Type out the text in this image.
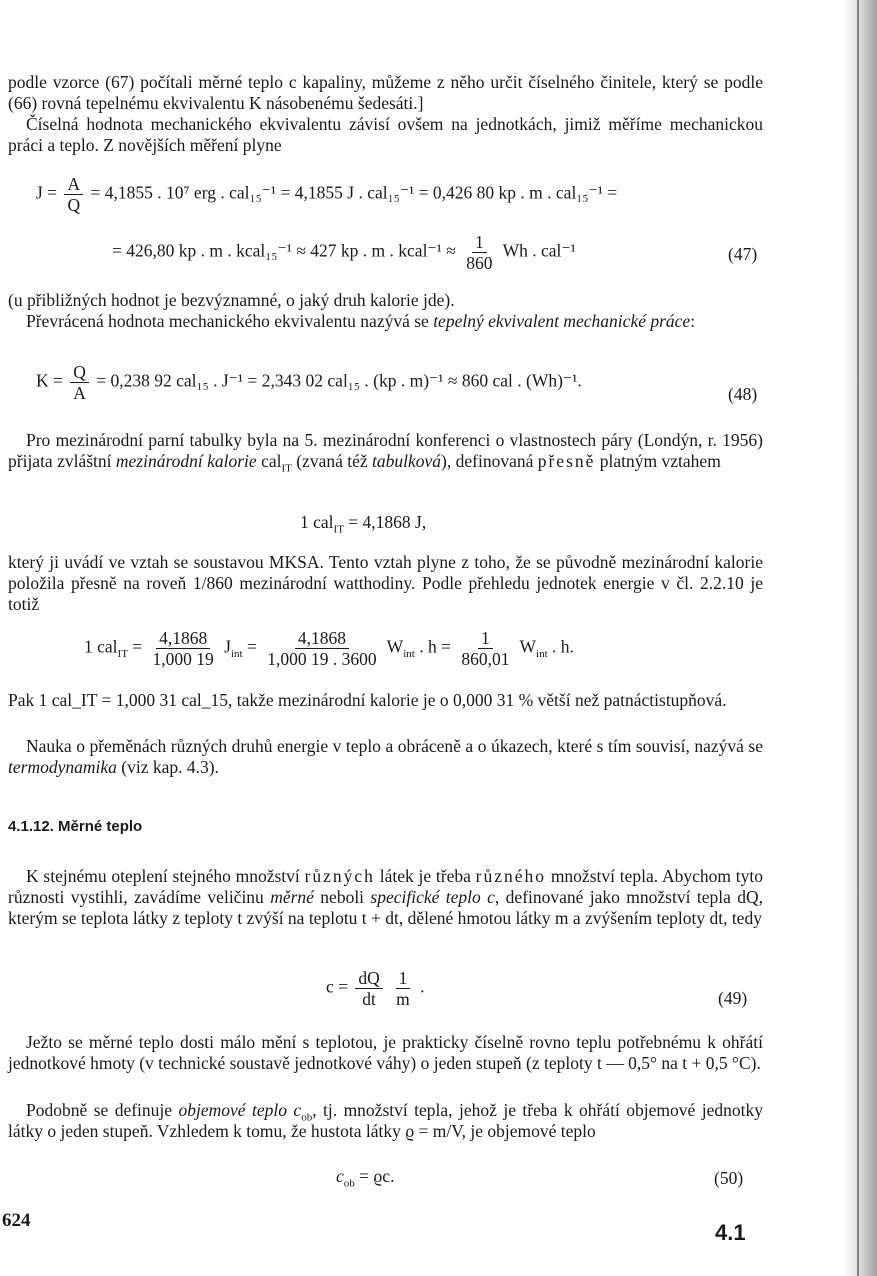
podle vzorce (67) počítali měrné teplo c kapaliny, můžeme z něho určit číselného činitele, který se podle (66) rovná tepelnému ekvivalentu K násobenému šedesáti.]
Číselná hodnota mechanického ekvivalentu závisí ovšem na jednotkách, jimiž měříme mechanickou práci a teplo. Z novějších měření plyne
$J = \frac{A}{Q} = 4,1855$ . 10⁷ erg . cal₁₅⁻¹ = 4,1855 J . cal₁₅⁻¹ = 0,426 80 kp . m . cal₁₅⁻¹ =
= 426,80 kp . m . kcal₁₅⁻¹ ≈ 427 kp . m . kcal⁻¹ ≈ $\frac{1}{860}$ Wh . cal⁻¹	(47)
(u přibližných hodnot je bezvýznamné, o jaký druh kalorie jde).
Převrácená hodnota mechanického ekvivalentu nazývá se tepelný ekvivalent mechanické práce:
$K = \frac{Q}{A} = 0,238$ 92 cal₁₅ . J⁻¹ = 2,343 02 cal₁₅ . (kp . m)⁻¹ ≈ 860 cal . (Wh)⁻¹.
(48)
Pro mezinárodní parní tabulky byla na 5. mezinárodní konferenci o vlastnostech páry (Londýn, r. 1956) přijata zvláštní mezinárodní kalorie cal$_{IT}$ (zvaná též tabulková), definovaná přesně platným vztahem
1 cal$_{IT}$ = 4,1868 J,
který ji uvádí ve vztah se soustavou MKSA. Tento vztah plyne z toho, že se původně mezinárodní kalorie položila přesně na roveň 1/860 mezinárodní watthodiny. Podle přehledu jednotek energie v čl. 2.2.10 je totiž
1 $cal_{IT} = \frac{4,1868}{1,000 19} J_{int} = \frac{4,1868}{1,000 19 . 3600} W_{int}$ . $h = \frac{1}{860,01} W_{int}$ . h.
Pak 1 cal_IT = 1,000 31 cal_15, takže mezinárodní kalorie je o 0,000 31 % větší než patnáctistupňová.
Nauka o přeměnách různých druhů energie v teplo a obráceně a o úkazech, které s tím souvisí, nazývá se termodynamika (viz kap. 4.3).
4.1.12. Měrné teplo
K stejnému oteplení stejného množství různých látek je třeba různého množství tepla. Abychom tyto různosti vystihli, zavádíme veličinu měrné neboli specifické teplo c, definované jako množství tepla dQ, kterým se teplota látky z teploty t zvýší na teplotu t + dt, dělené hmotou látky m a zvýšením teploty dt, tedy
$c = \frac{dQ}{dt}$
$\frac{1}{m}$ .
(49)
Ježto se měrné teplo dosti málo mění s teplotou, je prakticky číselně rovno teplu potřebnému k ohřátí jednotkové hmoty (v technické soustavě jednotkové váhy) o jeden stupeň (z teploty t — 0,5° na t + 0,5 °C).
Podobně se definuje objemové teplo $c_{ob}$, tj. množství tepla, jehož je třeba k ohřátí objemové jednotky látky o jeden stupeň. Vzhledem k tomu, že hustota látky ϱ = m/V, je objemové teplo
$c_{ob} = ϱc$.	(50)
624	4.1
